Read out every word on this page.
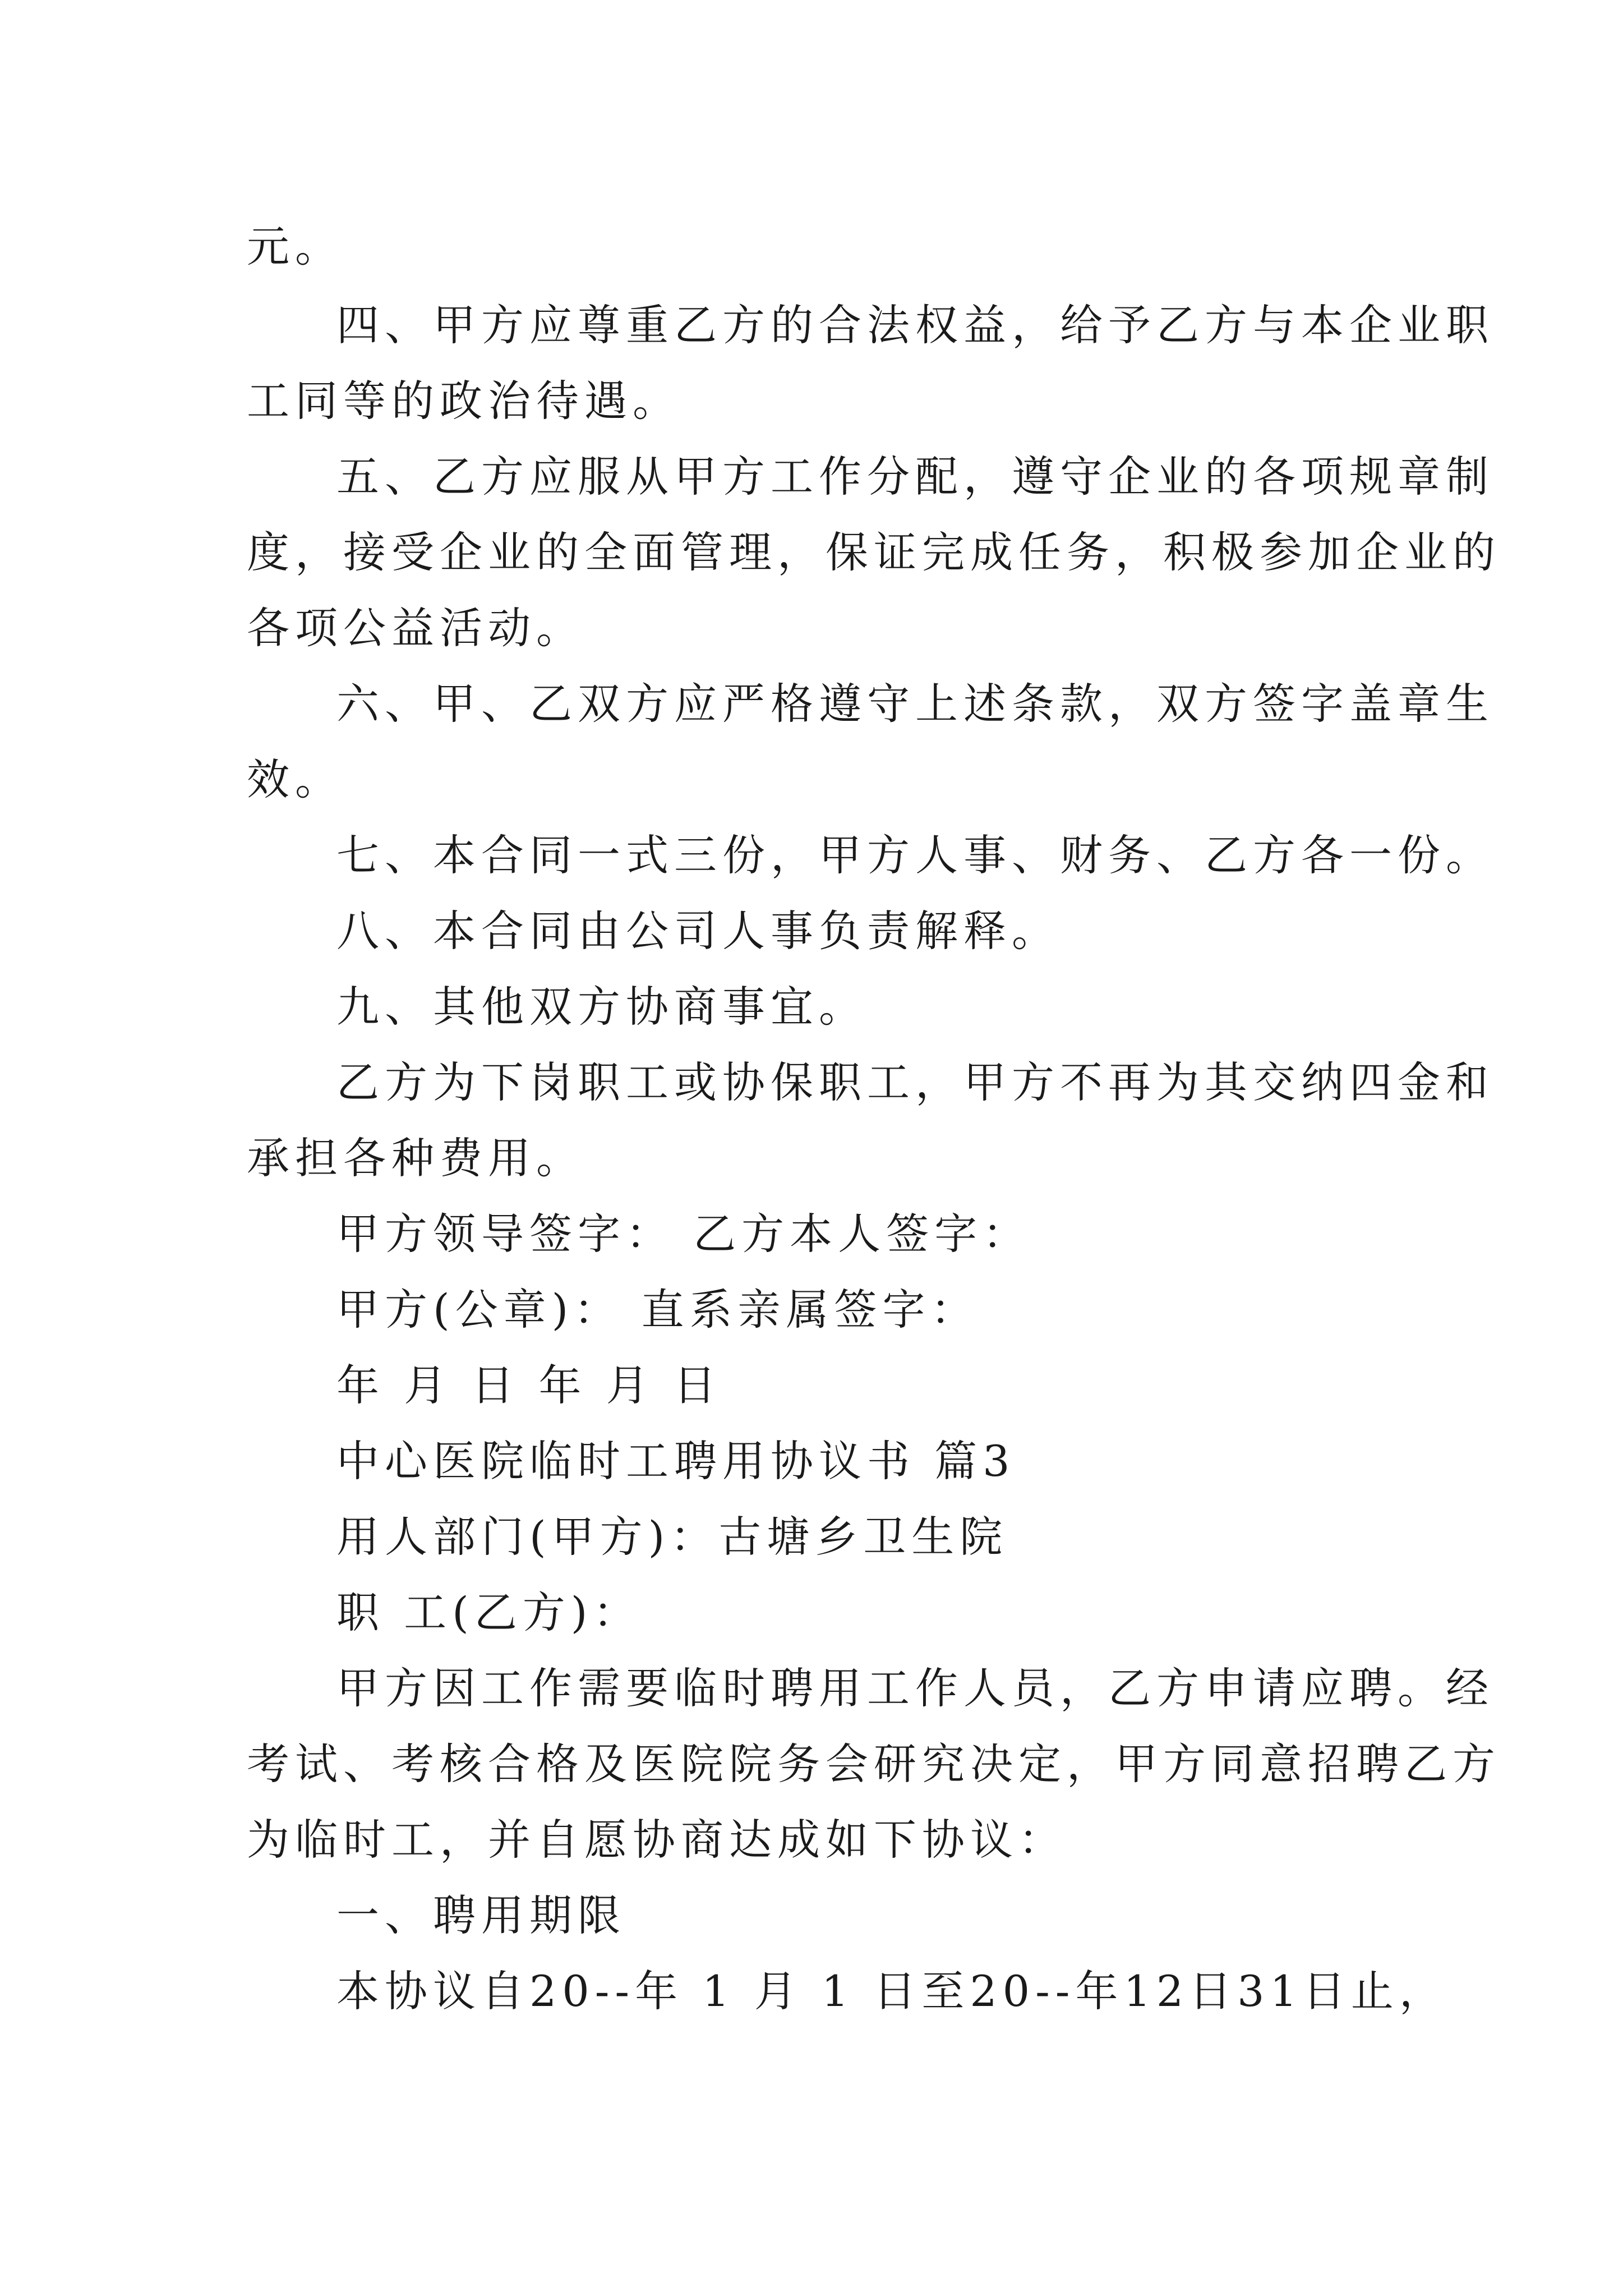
元。
四、甲方应尊重乙方的合法权益，给予乙方与本企业职
工同等的政治待遇。
五、乙方应服从甲方工作分配，遵守企业的各项规章制
度，接受企业的全面管理，保证完成任务，积极参加企业的
各项公益活动。
六、甲、乙双方应严格遵守上述条款，双方签字盖章生
效。
七、本合同一式三份，甲方人事、财务、乙方各一份。
八、本合同由公司人事负责解释。
九、其他双方协商事宜。
乙方为下岗职工或协保职工，甲方不再为其交纳四金和
承担各种费用。
甲方领导签字： 乙方本人签字：
甲方(公章)： 直系亲属签字：
年 月 日 年 月 日
中心医院临时工聘用协议书 篇3
用人部门(甲方)：古塘乡卫生院
职 工(乙方)：
甲方因工作需要临时聘用工作人员，乙方申请应聘。经
考试、考核合格及医院院务会研究决定，甲方同意招聘乙方
为临时工，并自愿协商达成如下协议：
一、聘用期限
本协议自20--年 1 月 1 日至20--年12日31日止，
